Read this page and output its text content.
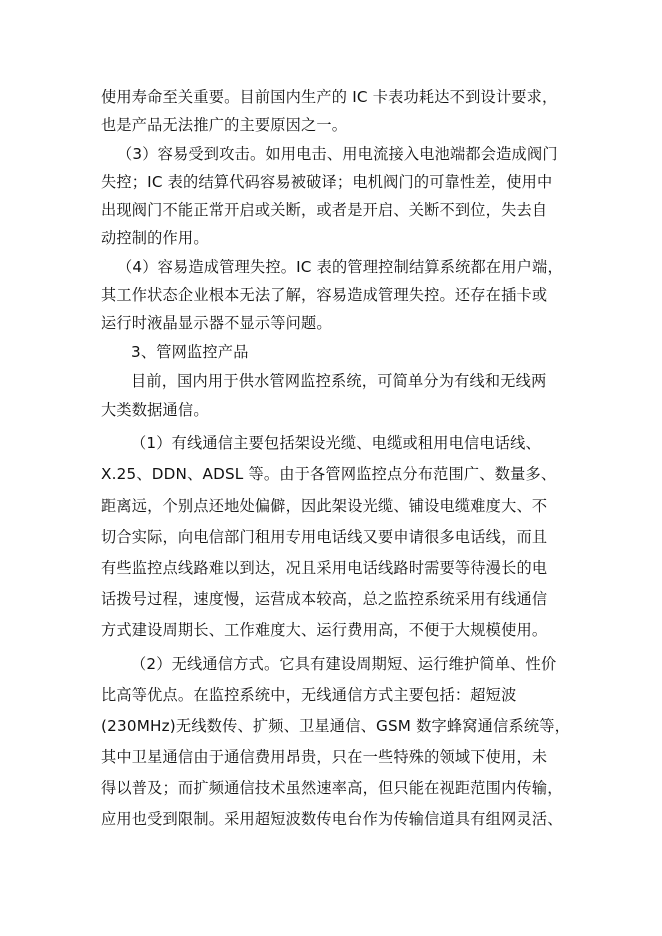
使用寿命至关重要。目前国内生产的 IC 卡表功耗达不到设计要求，
也是产品无法推广的主要原因之一。
（3）容易受到攻击。如用电击、用电流接入电池端都会造成阀门
失控；IC 表的结算代码容易被破译；电机阀门的可靠性差，使用中
出现阀门不能正常开启或关断，或者是开启、关断不到位，失去自
动控制的作用。
（4）容易造成管理失控。IC 表的管理控制结算系统都在用户端，
其工作状态企业根本无法了解，容易造成管理失控。还存在插卡或
运行时液晶显示器不显示等问题。
3、管网监控产品
目前，国内用于供水管网监控系统，可简单分为有线和无线两
大类数据通信。
（1）有线通信主要包括架设光缆、电缆或租用电信电话线、
X.25、DDN、ADSL 等。由于各管网监控点分布范围广、数量多、
距离远，个别点还地处偏僻，因此架设光缆、铺设电缆难度大、不
切合实际，向电信部门租用专用电话线又要申请很多电话线，而且
有些监控点线路难以到达，况且采用电话线路时需要等待漫长的电
话拨号过程，速度慢，运营成本较高，总之监控系统采用有线通信
方式建设周期长、工作难度大、运行费用高，不便于大规模使用。
（2）无线通信方式。它具有建设周期短、运行维护简单、性价
比高等优点。在监控系统中，无线通信方式主要包括：超短波
(230MHz)无线数传、扩频、卫星通信、GSM 数字蜂窝通信系统等，
其中卫星通信由于通信费用昂贵，只在一些特殊的领域下使用，未
得以普及；而扩频通信技术虽然速率高，但只能在视距范围内传输，
应用也受到限制。采用超短波数传电台作为传输信道具有组网灵活、
